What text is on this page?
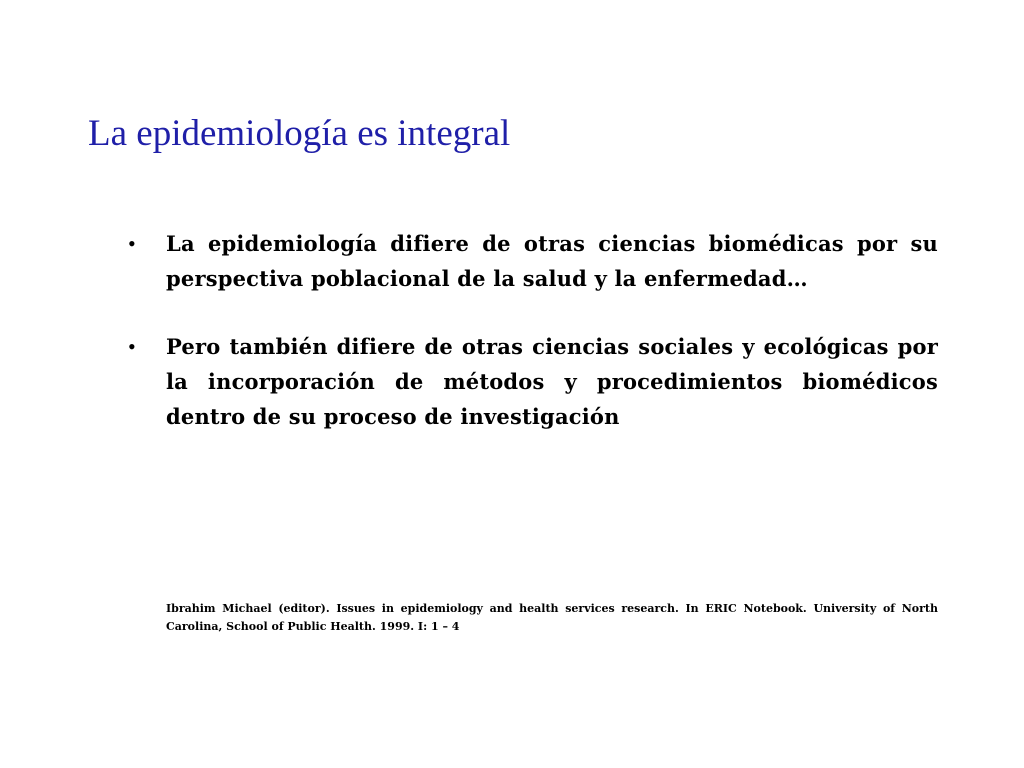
La epidemiología es integral
•	La epidemiología difiere de otras ciencias biomédicas por su perspectiva poblacional de la salud y la enfermedad…
•	Pero también difiere de otras ciencias sociales y ecológicas por la incorporación de métodos y procedimientos biomédicos dentro de su proceso de investigación

Ibrahim Michael (editor). Issues in epidemiology and health services research. In ERIC Notebook. University of North Carolina, School of Public Health. 1999. I: 1 – 4
